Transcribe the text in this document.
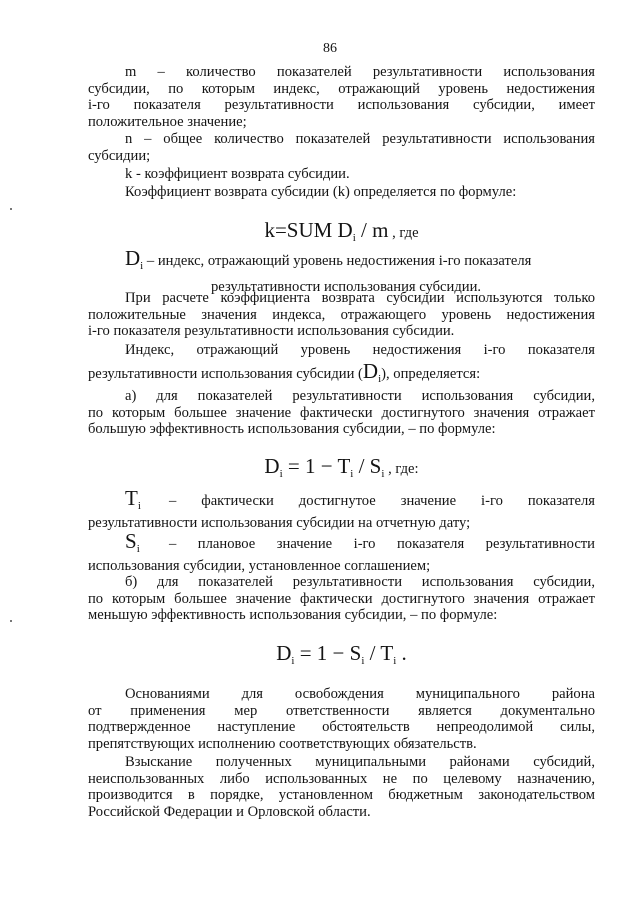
86
m – количество показателей результативности использования
субсидии, по которым индекс, отражающий уровень недостижения
i-го показателя результативности использования субсидии, имеет
положительное значение;
n – общее количество показателей результативности использования
субсидии;
k - коэффициент возврата субсидии.
Коэффициент возврата субсидии (k) определяется по формуле:
k=SUM $D_i$ / m , где
$D_i$ – индекс, отражающий уровень недостижения i-го показателя
результативности использования субсидии.
При расчете коэффициента возврата субсидии используются только
положительные значения индекса, отражающего уровень недостижения
i-го показателя результативности использования субсидии.
Индекс, отражающий уровень недостижения i-го показателя
результативности использования субсидии $(D_i)$, определяется:
а) для показателей результативности использования субсидии,
по которым большее значение фактически достигнутого значения отражает
большую эффективность использования субсидии, – по формуле:
$D_i = 1 - T_i / S_i$ , где:
$T_i$	– фактически достигнутое значение i-го показателя
результативности использования субсидии на отчетную дату;
$S_i$	– плановое значение i-го показателя результативности
использования субсидии, установленное соглашением;
б) для показателей результативности использования субсидии,
по которым большее значение фактически достигнутого значения отражает
меньшую эффективность использования субсидии, – по формуле:
$D_i = 1 - S_i / T_i$ .
Основаниями для освобождения муниципального района
от применения мер ответственности является документально
подтвержденное наступление обстоятельств непреодолимой силы,
препятствующих исполнению соответствующих обязательств.
Взыскание полученных муниципальными районами субсидий,
неиспользованных либо использованных не по целевому назначению,
производится в порядке, установленном бюджетным законодательством
Российской Федерации и Орловской области.
